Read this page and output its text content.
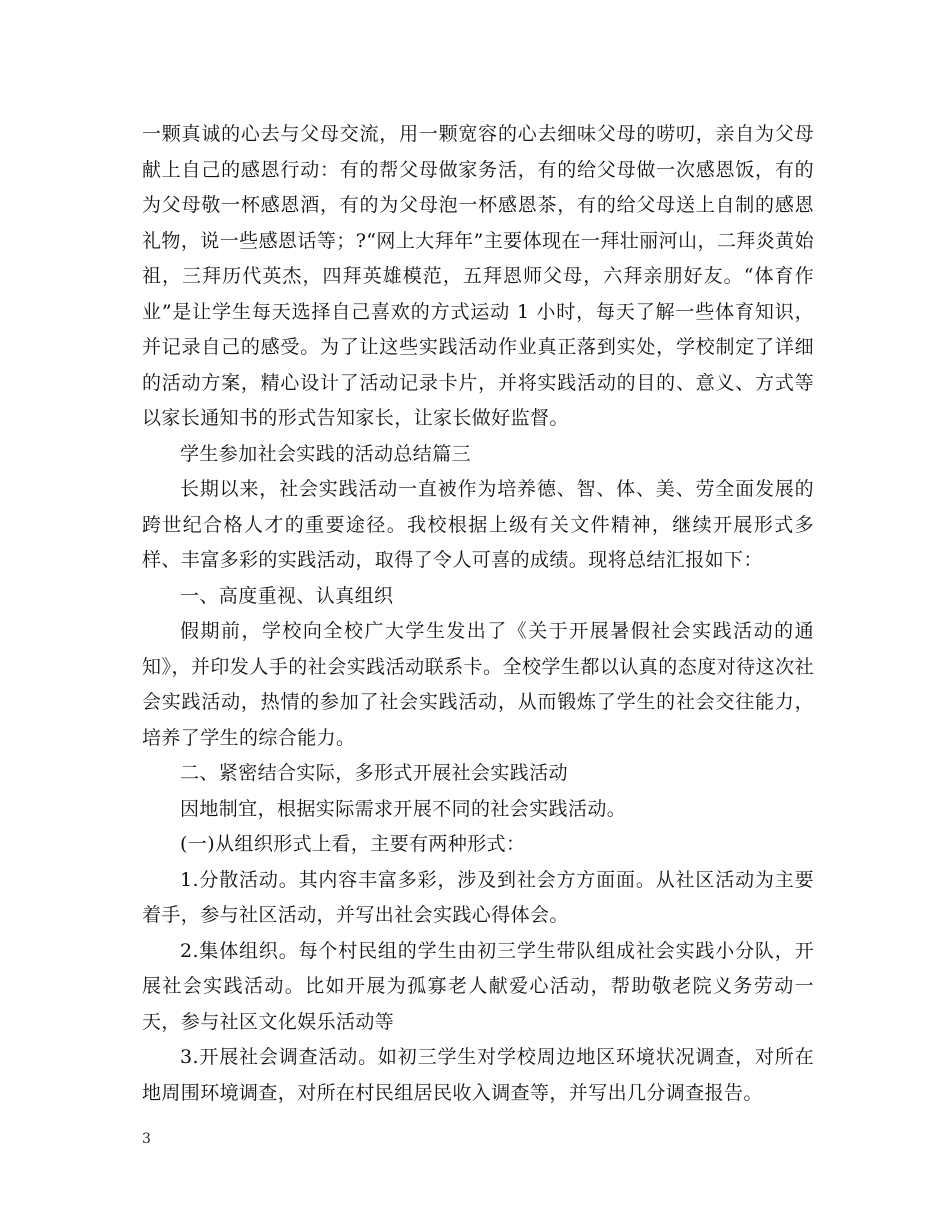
一颗真诚的心去与父母交流，用一颗宽容的心去细味父母的唠叨，亲自为父母献上自己的感恩行动：有的帮父母做家务活，有的给父母做一次感恩饭，有的为父母敬一杯感恩酒，有的为父母泡一杯感恩茶，有的给父母送上自制的感恩礼物，说一些感恩话等；?“网上大拜年”主要体现在一拜壮丽河山，二拜炎黄始祖，三拜历代英杰，四拜英雄模范，五拜恩师父母，六拜亲朋好友。“体育作业”是让学生每天选择自己喜欢的方式运动 1 小时，每天了解一些体育知识，并记录自己的感受。为了让这些实践活动作业真正落到实处，学校制定了详细的活动方案，精心设计了活动记录卡片，并将实践活动的目的、意义、方式等以家长通知书的形式告知家长，让家长做好监督。

学生参加社会实践的活动总结篇三

长期以来，社会实践活动一直被作为培养德、智、体、美、劳全面发展的跨世纪合格人才的重要途径。我校根据上级有关文件精神，继续开展形式多样、丰富多彩的实践活动，取得了令人可喜的成绩。现将总结汇报如下：

一、高度重视、认真组织

假期前，学校向全校广大学生发出了《关于开展暑假社会实践活动的通知》，并印发人手的社会实践活动联系卡。全校学生都以认真的态度对待这次社会实践活动，热情的参加了社会实践活动，从而锻炼了学生的社会交往能力，培养了学生的综合能力。

二、紧密结合实际，多形式开展社会实践活动

因地制宜，根据实际需求开展不同的社会实践活动。

(一)从组织形式上看，主要有两种形式：

1.分散活动。其内容丰富多彩，涉及到社会方方面面。从社区活动为主要着手，参与社区活动，并写出社会实践心得体会。

2.集体组织。每个村民组的学生由初三学生带队组成社会实践小分队，开展社会实践活动。比如开展为孤寡老人献爱心活动，帮助敬老院义务劳动一天，参与社区文化娱乐活动等

3.开展社会调查活动。如初三学生对学校周边地区环境状况调查，对所在地周围环境调查，对所在村民组居民收入调查等，并写出几分调查报告。

3
